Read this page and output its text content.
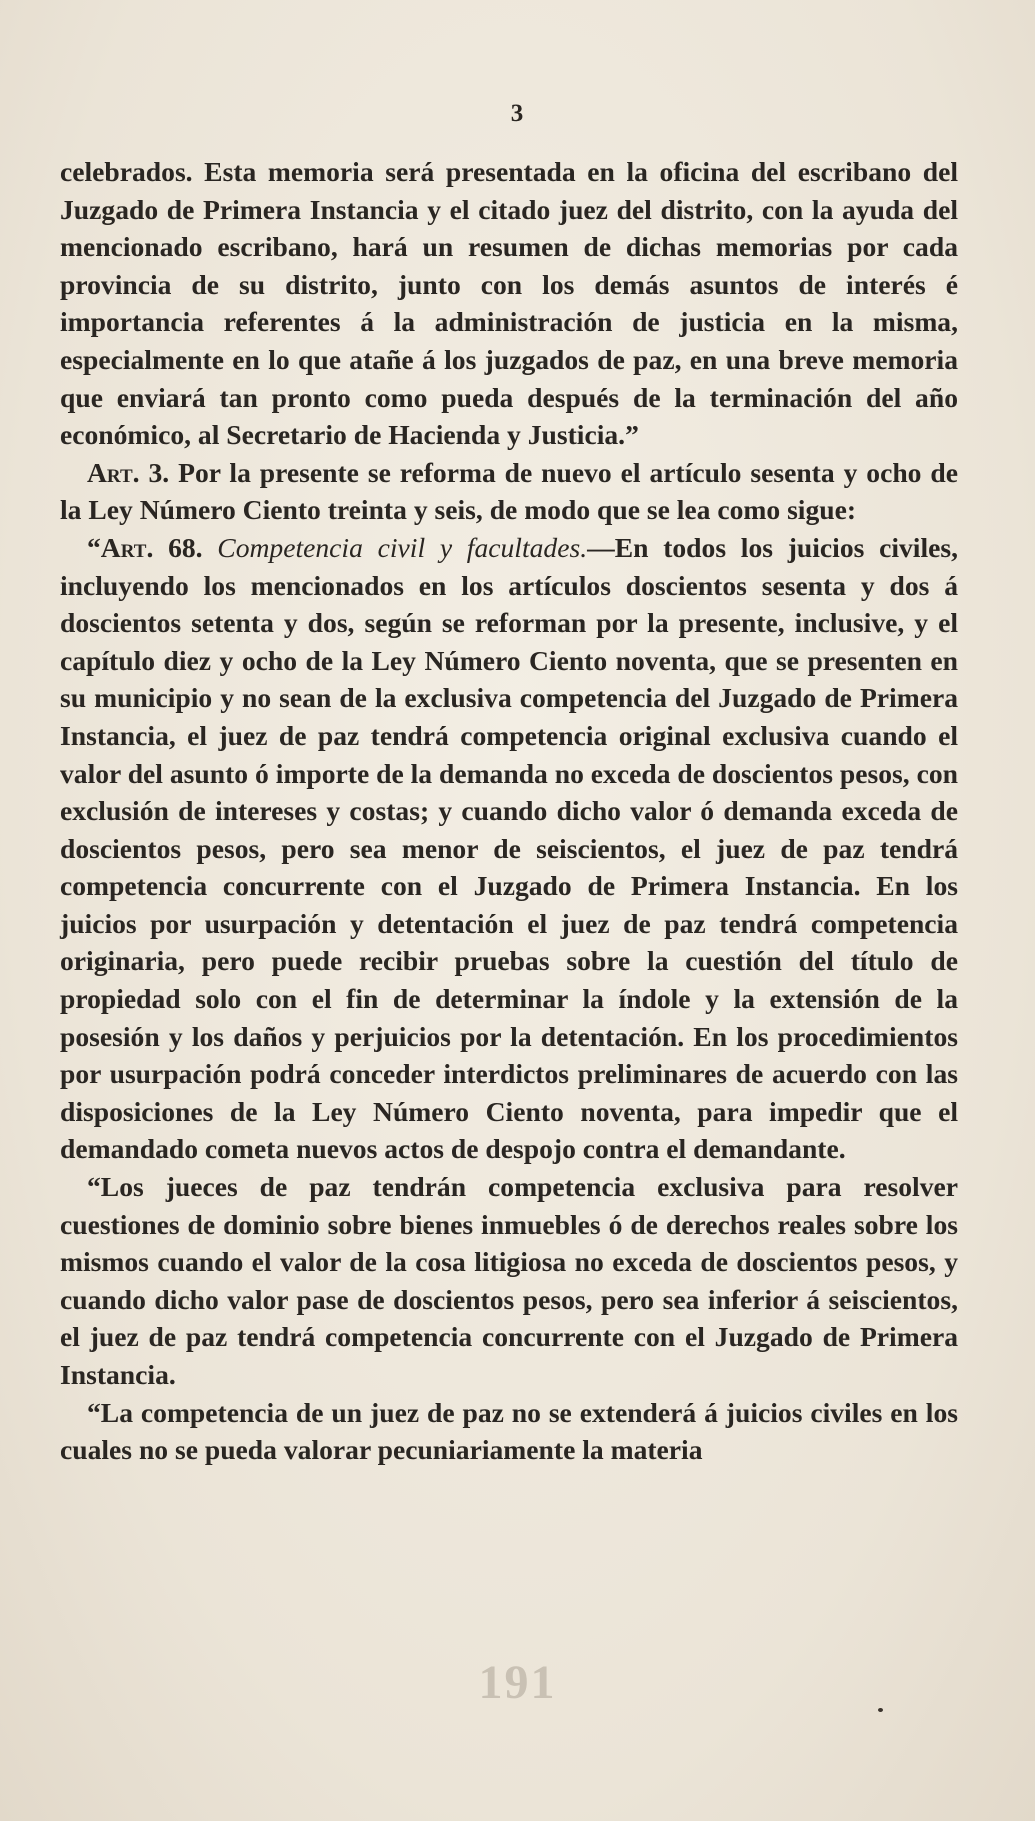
3

celebrados. Esta memoria será presentada en la oficina del escribano del Juzgado de Primera Instancia y el citado juez del distrito, con la ayuda del mencionado escribano, hará un resumen de dichas memorias por cada provincia de su distrito, junto con los demás asuntos de interés é importancia referentes á la administración de justicia en la misma, especialmente en lo que atañe á los juzgados de paz, en una breve memoria que enviará tan pronto como pueda después de la terminación del año económico, al Secretario de Hacienda y Justicia.”

Art. 3. Por la presente se reforma de nuevo el artículo sesenta y ocho de la Ley Número Ciento treinta y seis, de modo que se lea como sigue:

“Art. 68. Competencia civil y facultades.—En todos los juicios civiles, incluyendo los mencionados en los artículos doscientos sesenta y dos á doscientos setenta y dos, según se reforman por la presente, inclusive, y el capítulo diez y ocho de la Ley Número Ciento noventa, que se presenten en su municipio y no sean de la exclusiva competencia del Juzgado de Primera Instancia, el juez de paz tendrá competencia original exclusiva cuando el valor del asunto ó importe de la demanda no exceda de doscientos pesos, con exclusión de intereses y costas; y cuando dicho valor ó demanda exceda de doscientos pesos, pero sea menor de seiscientos, el juez de paz tendrá competencia concurrente con el Juzgado de Primera Instancia. En los juicios por usurpación y detentación el juez de paz tendrá competencia originaria, pero puede recibir pruebas sobre la cuestión del título de propiedad solo con el fin de determinar la índole y la extensión de la posesión y los daños y perjuicios por la detentación. En los procedimientos por usurpación podrá conceder interdictos preliminares de acuerdo con las disposiciones de la Ley Número Ciento noventa, para impedir que el demandado cometa nuevos actos de despojo contra el demandante.

“Los jueces de paz tendrán competencia exclusiva para resolver cuestiones de dominio sobre bienes inmuebles ó de derechos reales sobre los mismos cuando el valor de la cosa litigiosa no exceda de doscientos pesos, y cuando dicho valor pase de doscientos pesos, pero sea inferior á seiscientos, el juez de paz tendrá competencia concurrente con el Juzgado de Primera Instancia.

“La competencia de un juez de paz no se extenderá á juicios civiles en los cuales no se pueda valorar pecuniariamente la materia

191
